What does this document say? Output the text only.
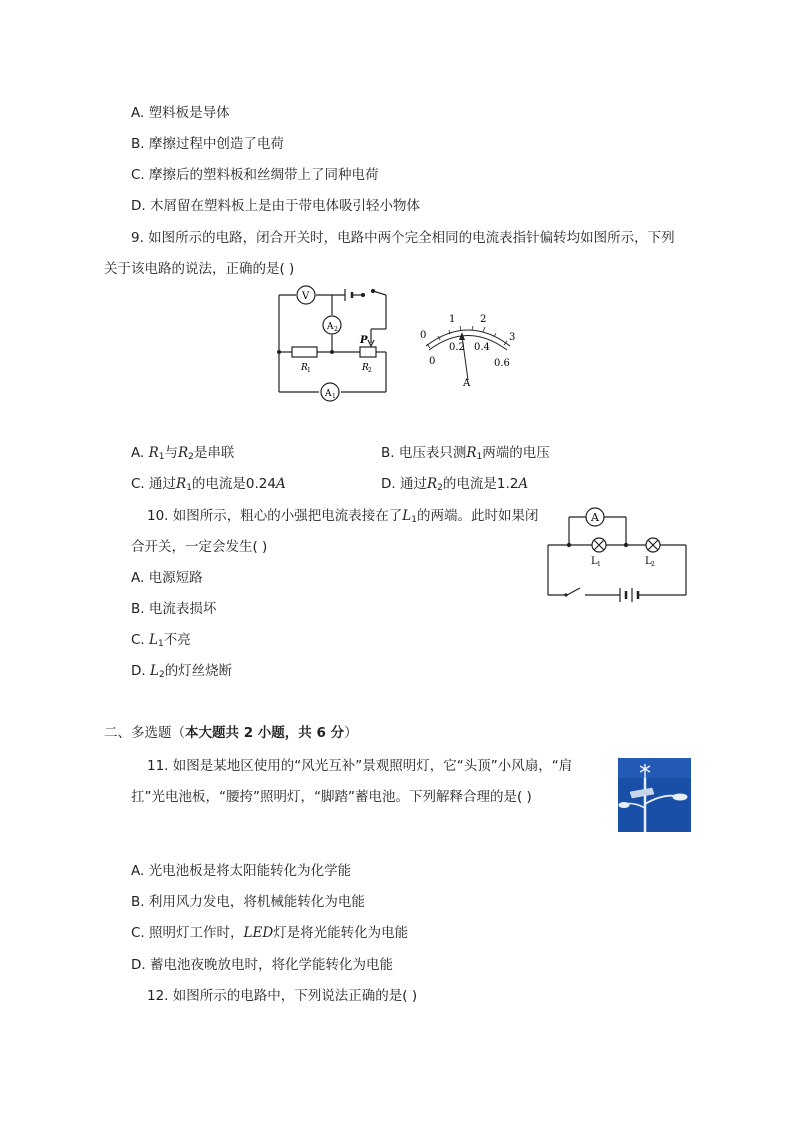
A. 塑料板是导体
B. 摩擦过程中创造了电荷
C. 摩擦后的塑料板和丝绸带上了同种电荷
D. 木屑留在塑料板上是由于带电体吸引轻小物体
9. 如图所示的电路，闭合开关时，电路中两个完全相同的电流表指针偏转均如图所示，下列
关于该电路的说法，正确的是( )
V
A 2
A 1
R 1	R 2
P	0
1 2
3
0
0.2 0.4
0.6
A
A. $R_1$与$R_2$是串联	B. 电压表只测$R_1$两端的电压
C. 通过$R_1$的电流是0.24A	D. 通过$R_2$的电流是1.2A
10. 如图所示，粗心的小强把电流表接在了$L_1$的两端。此时如果闭
合开关，一定会发生( )
A. 电源短路
B. 电流表损坏
C. $L_1$不亮
D. $L_2$的灯丝烧断
A
L 1	L 2
二、多选题（本大题共 2 小题，共 6 分）
11. 如图是某地区使用的“风光互补”景观照明灯，它“头顶”小风扇，“肩
扛”光电池板，“腰挎”照明灯，“脚踏”蓄电池。下列解释合理的是( )
A. 光电池板是将太阳能转化为化学能
B. 利用风力发电，将机械能转化为电能
C. 照明灯工作时，LED灯是将光能转化为电能
D. 蓄电池夜晚放电时，将化学能转化为电能
12. 如图所示的电路中，下列说法正确的是( )
